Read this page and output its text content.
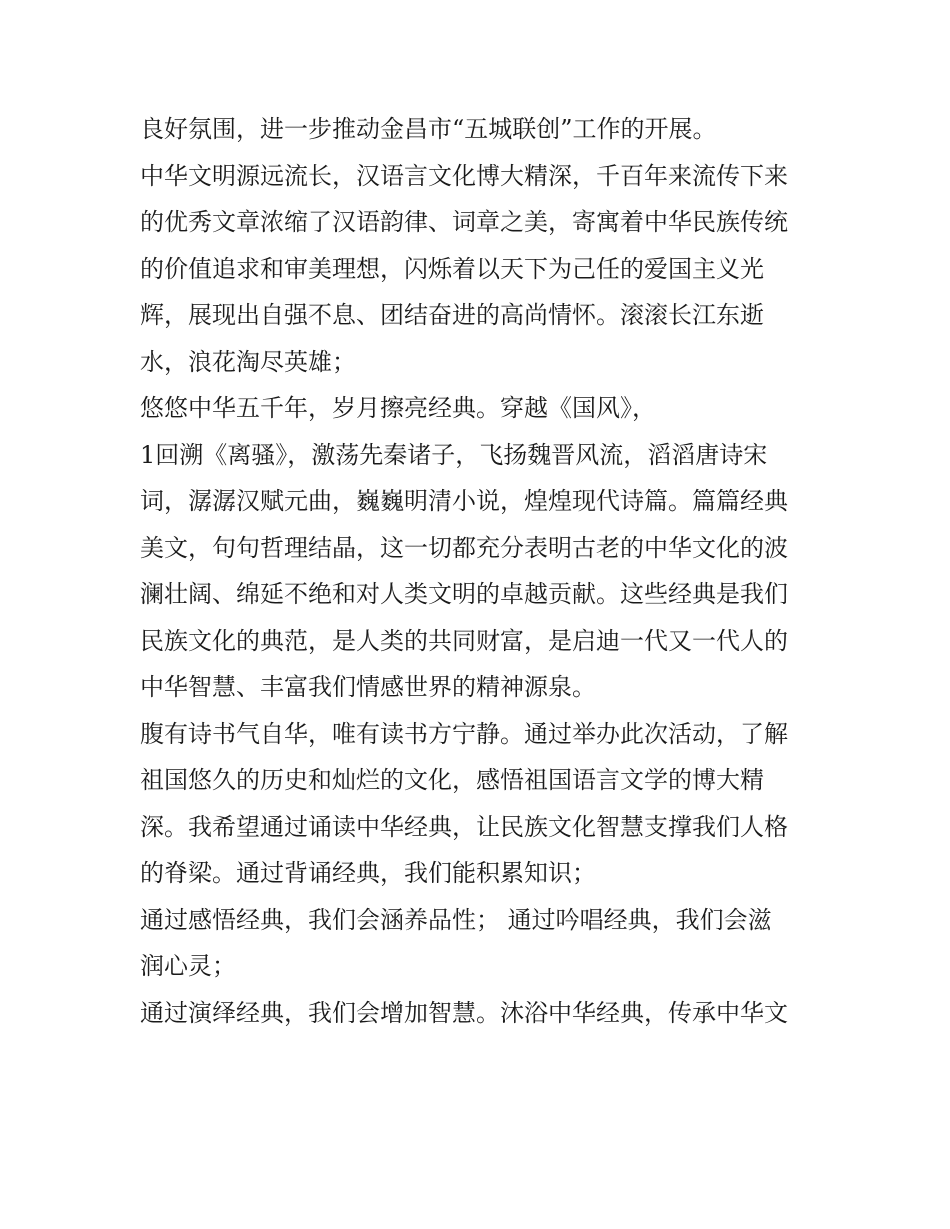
良好氛围，进一步推动金昌市“五城联创”工作的开展。
中华文明源远流长，汉语言文化博大精深，千百年来流传下来
的优秀文章浓缩了汉语韵律、词章之美，寄寓着中华民族传统
的价值追求和审美理想，闪烁着以天下为己任的爱国主义光
辉，展现出自强不息、团结奋进的高尚情怀。滚滚长江东逝
水，浪花淘尽英雄；
悠悠中华五千年，岁月擦亮经典。穿越《国风》，
1回溯《离骚》，激荡先秦诸子，飞扬魏晋风流，滔滔唐诗宋
词，潺潺汉赋元曲，巍巍明清小说，煌煌现代诗篇。篇篇经典
美文，句句哲理结晶，这一切都充分表明古老的中华文化的波
澜壮阔、绵延不绝和对人类文明的卓越贡献。这些经典是我们
民族文化的典范，是人类的共同财富，是启迪一代又一代人的
中华智慧、丰富我们情感世界的精神源泉。
腹有诗书气自华，唯有读书方宁静。通过举办此次活动，了解
祖国悠久的历史和灿烂的文化，感悟祖国语言文学的博大精
深。我希望通过诵读中华经典，让民族文化智慧支撑我们人格
的脊梁。通过背诵经典，我们能积累知识；
通过感悟经典，我们会涵养品性； 通过吟唱经典，我们会滋
润心灵；
通过演绎经典，我们会增加智慧。沐浴中华经典，传承中华文
